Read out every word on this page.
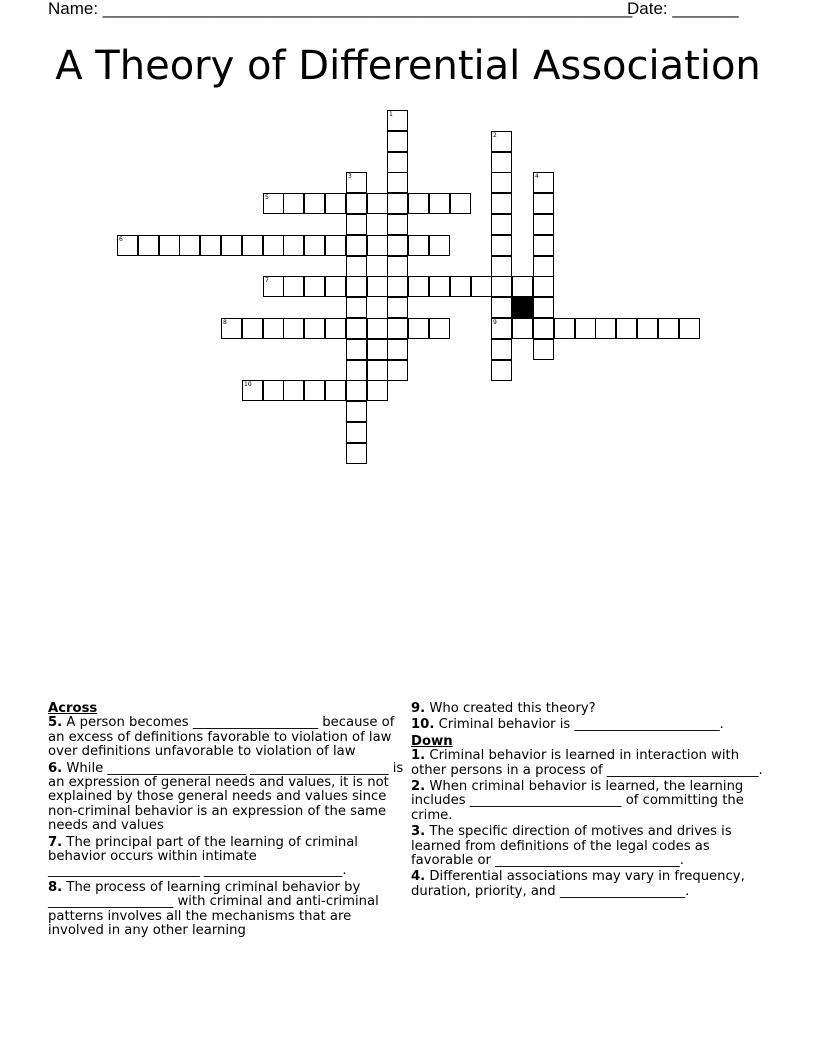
Name: ________________________________________________________
Date: _______
A Theory of Differential Association
1
2
9
3	4
5
6
7
8
10
Across
5. A person becomes ___________________ because of an excess of definitions favorable to violation of law over definitions unfavorable to violation of law
6. While _____________________ _____________________ is an expression of general needs and values, it is not explained by those general needs and values since non-criminal behavior is an expression of the same needs and values
7. The principal part of the learning of criminal behavior occurs within intimate _______________________ _____________________.
8. The process of learning criminal behavior by ___________________ with criminal and anti-criminal patterns involves all the mechanisms that are involved in any other learning
9. Who created this theory?
10. Criminal behavior is ______________________.
Down
1. Criminal behavior is learned in interaction with other persons in a process of _______________________.
2. When criminal behavior is learned, the learning includes _______________________ of committing the crime.
3. The specific direction of motives and drives is learned from definitions of the legal codes as favorable or ____________________________.
4. Differential associations may vary in frequency, duration, priority, and ___________________.
